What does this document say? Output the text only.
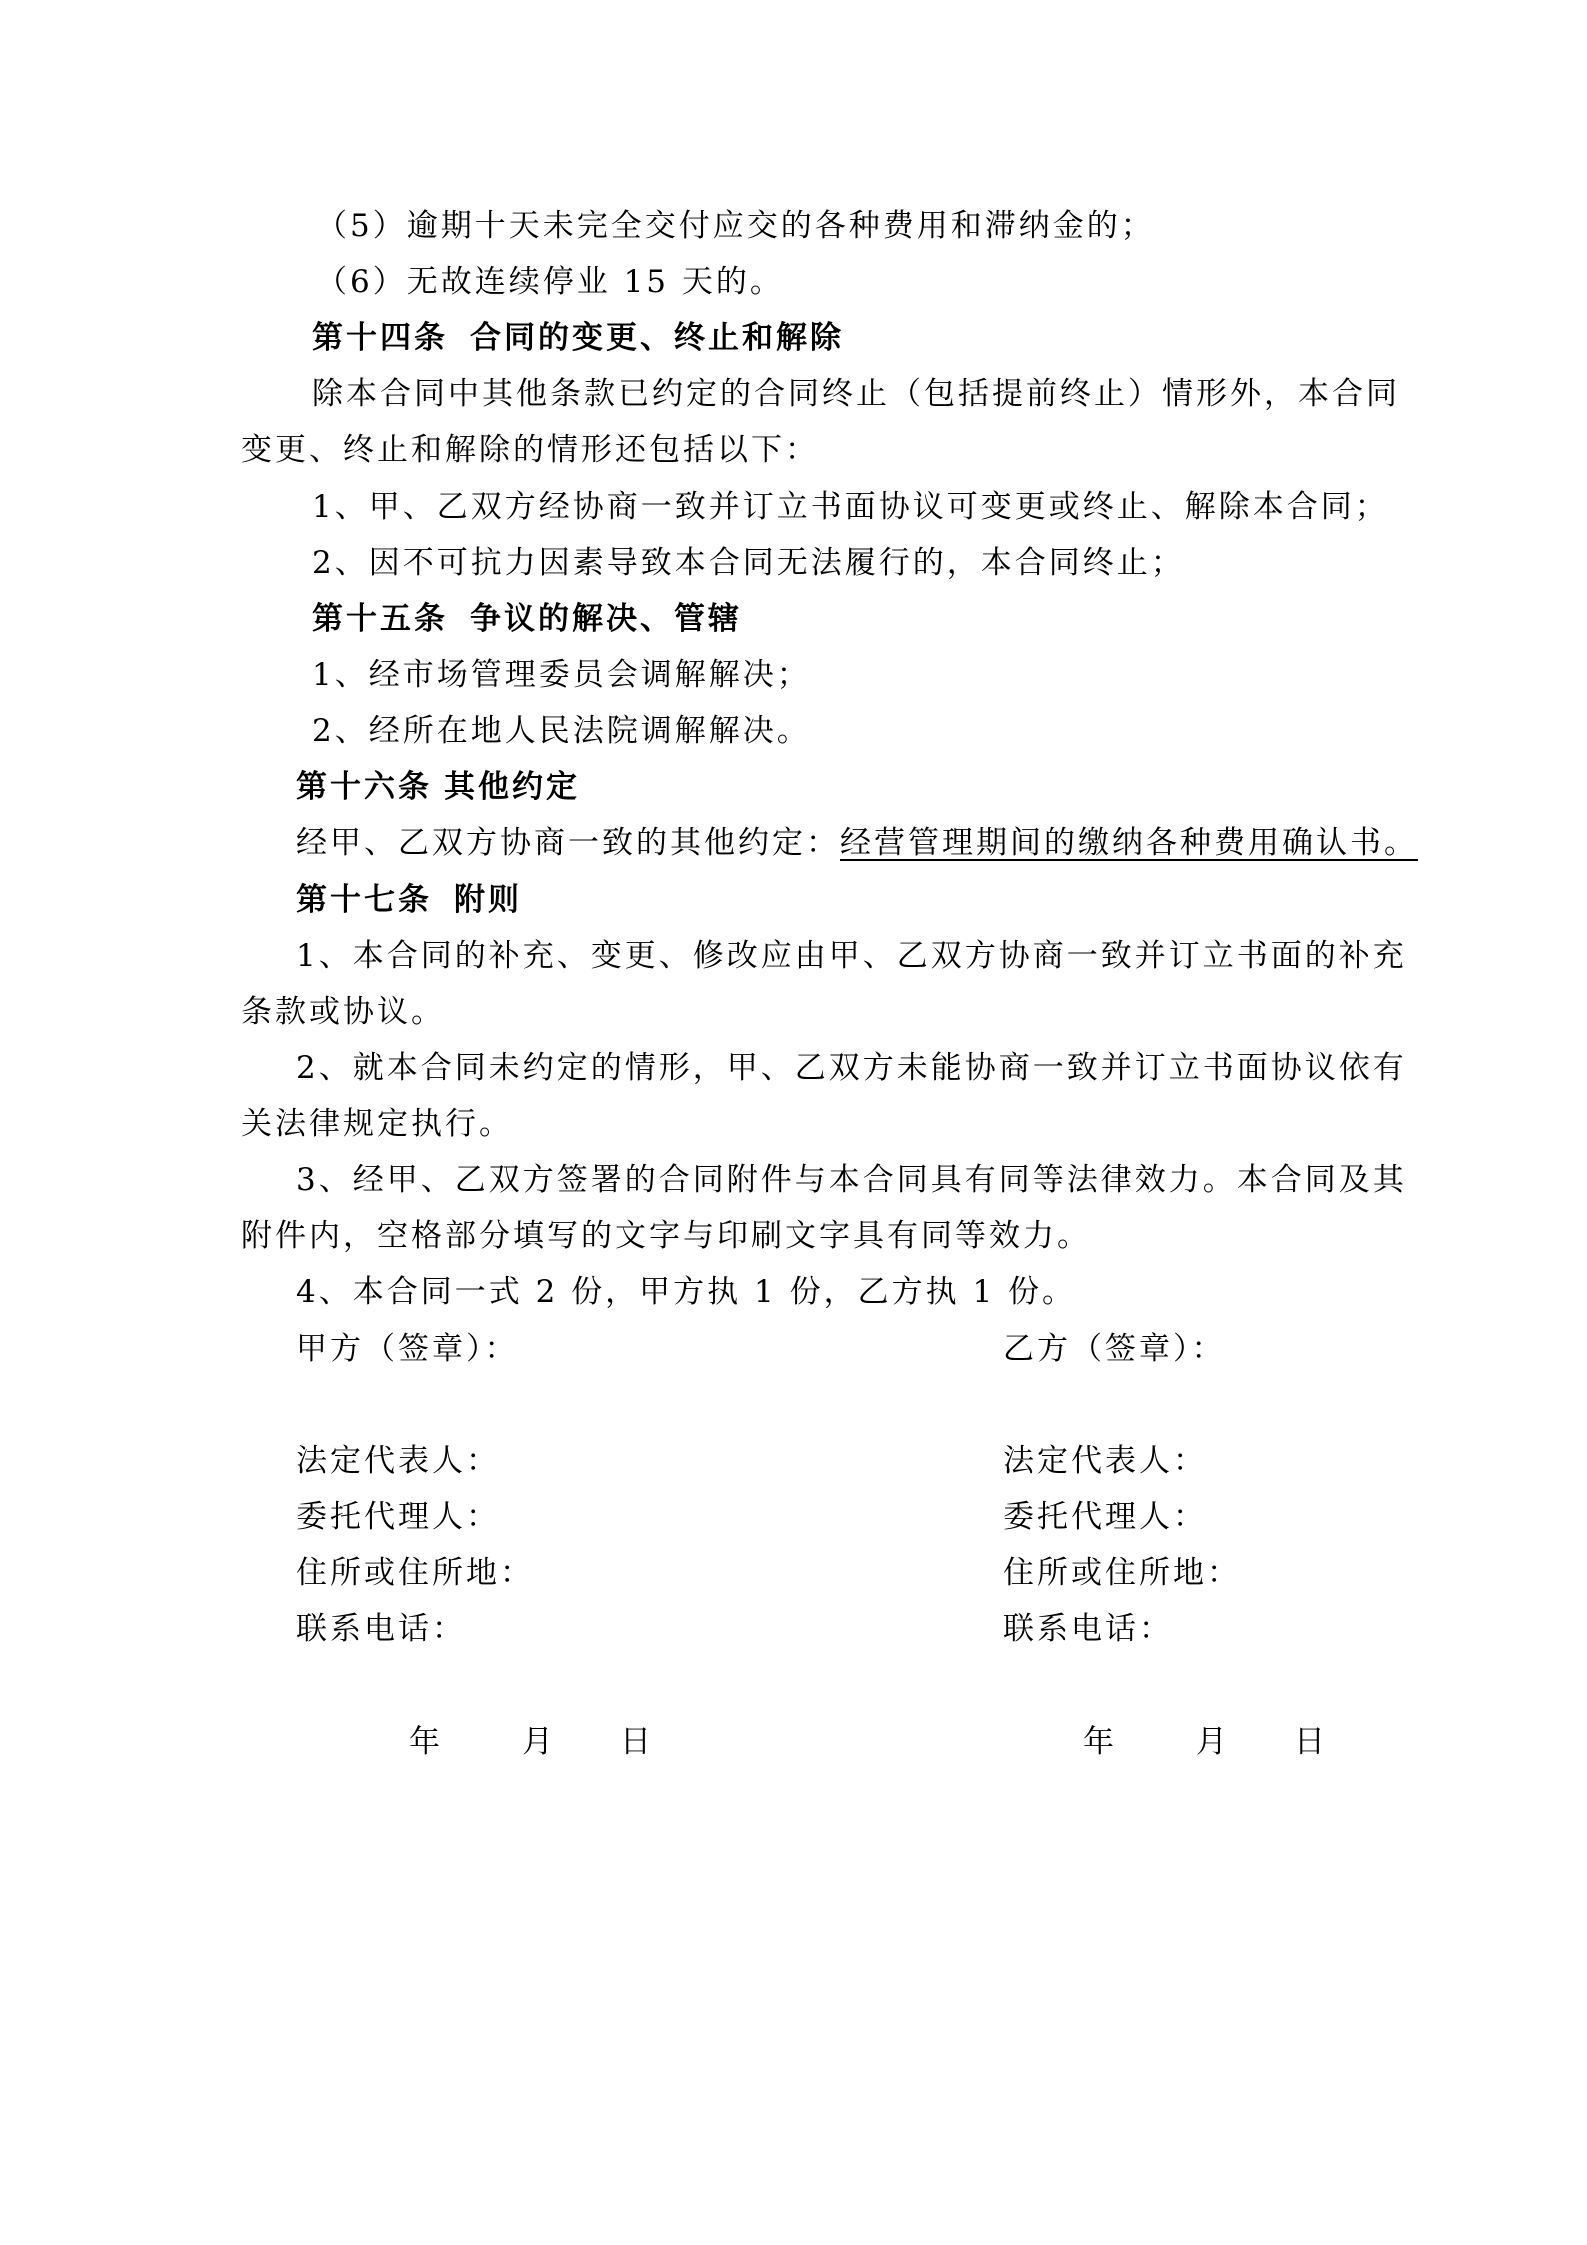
（5）逾期十天未完全交付应交的各种费用和滞纳金的；
（6）无故连续停业 15 天的。
第十四条 合同的变更、终止和解除
除本合同中其他条款已约定的合同终止（包括提前终止）情形外，本合同
变更、终止和解除的情形还包括以下：
1、甲、乙双方经协商一致并订立书面协议可变更或终止、解除本合同；
2、因不可抗力因素导致本合同无法履行的，本合同终止；
第十五条 争议的解决、管辖
1、经市场管理委员会调解解决；
2、经所在地人民法院调解解决。
第十六条 其他约定
经甲、乙双方协商一致的其他约定：经营管理期间的缴纳各种费用确认书。
第十七条 附则
1、本合同的补充、变更、修改应由甲、乙双方协商一致并订立书面的补充
条款或协议。
2、就本合同未约定的情形，甲、乙双方未能协商一致并订立书面协议依有
关法律规定执行。
3、经甲、乙双方签署的合同附件与本合同具有同等法律效力。本合同及其
附件内，空格部分填写的文字与印刷文字具有同等效力。
4、本合同一式 2 份，甲方执 1 份，乙方执 1 份。
甲方（签章）：
法定代表人：
委托代理人：
住所或住所地：
联系电话：
年	月 日
乙方（签章）：
法定代表人：
委托代理人：
住所或住所地：
联系电话：
年	月 日
